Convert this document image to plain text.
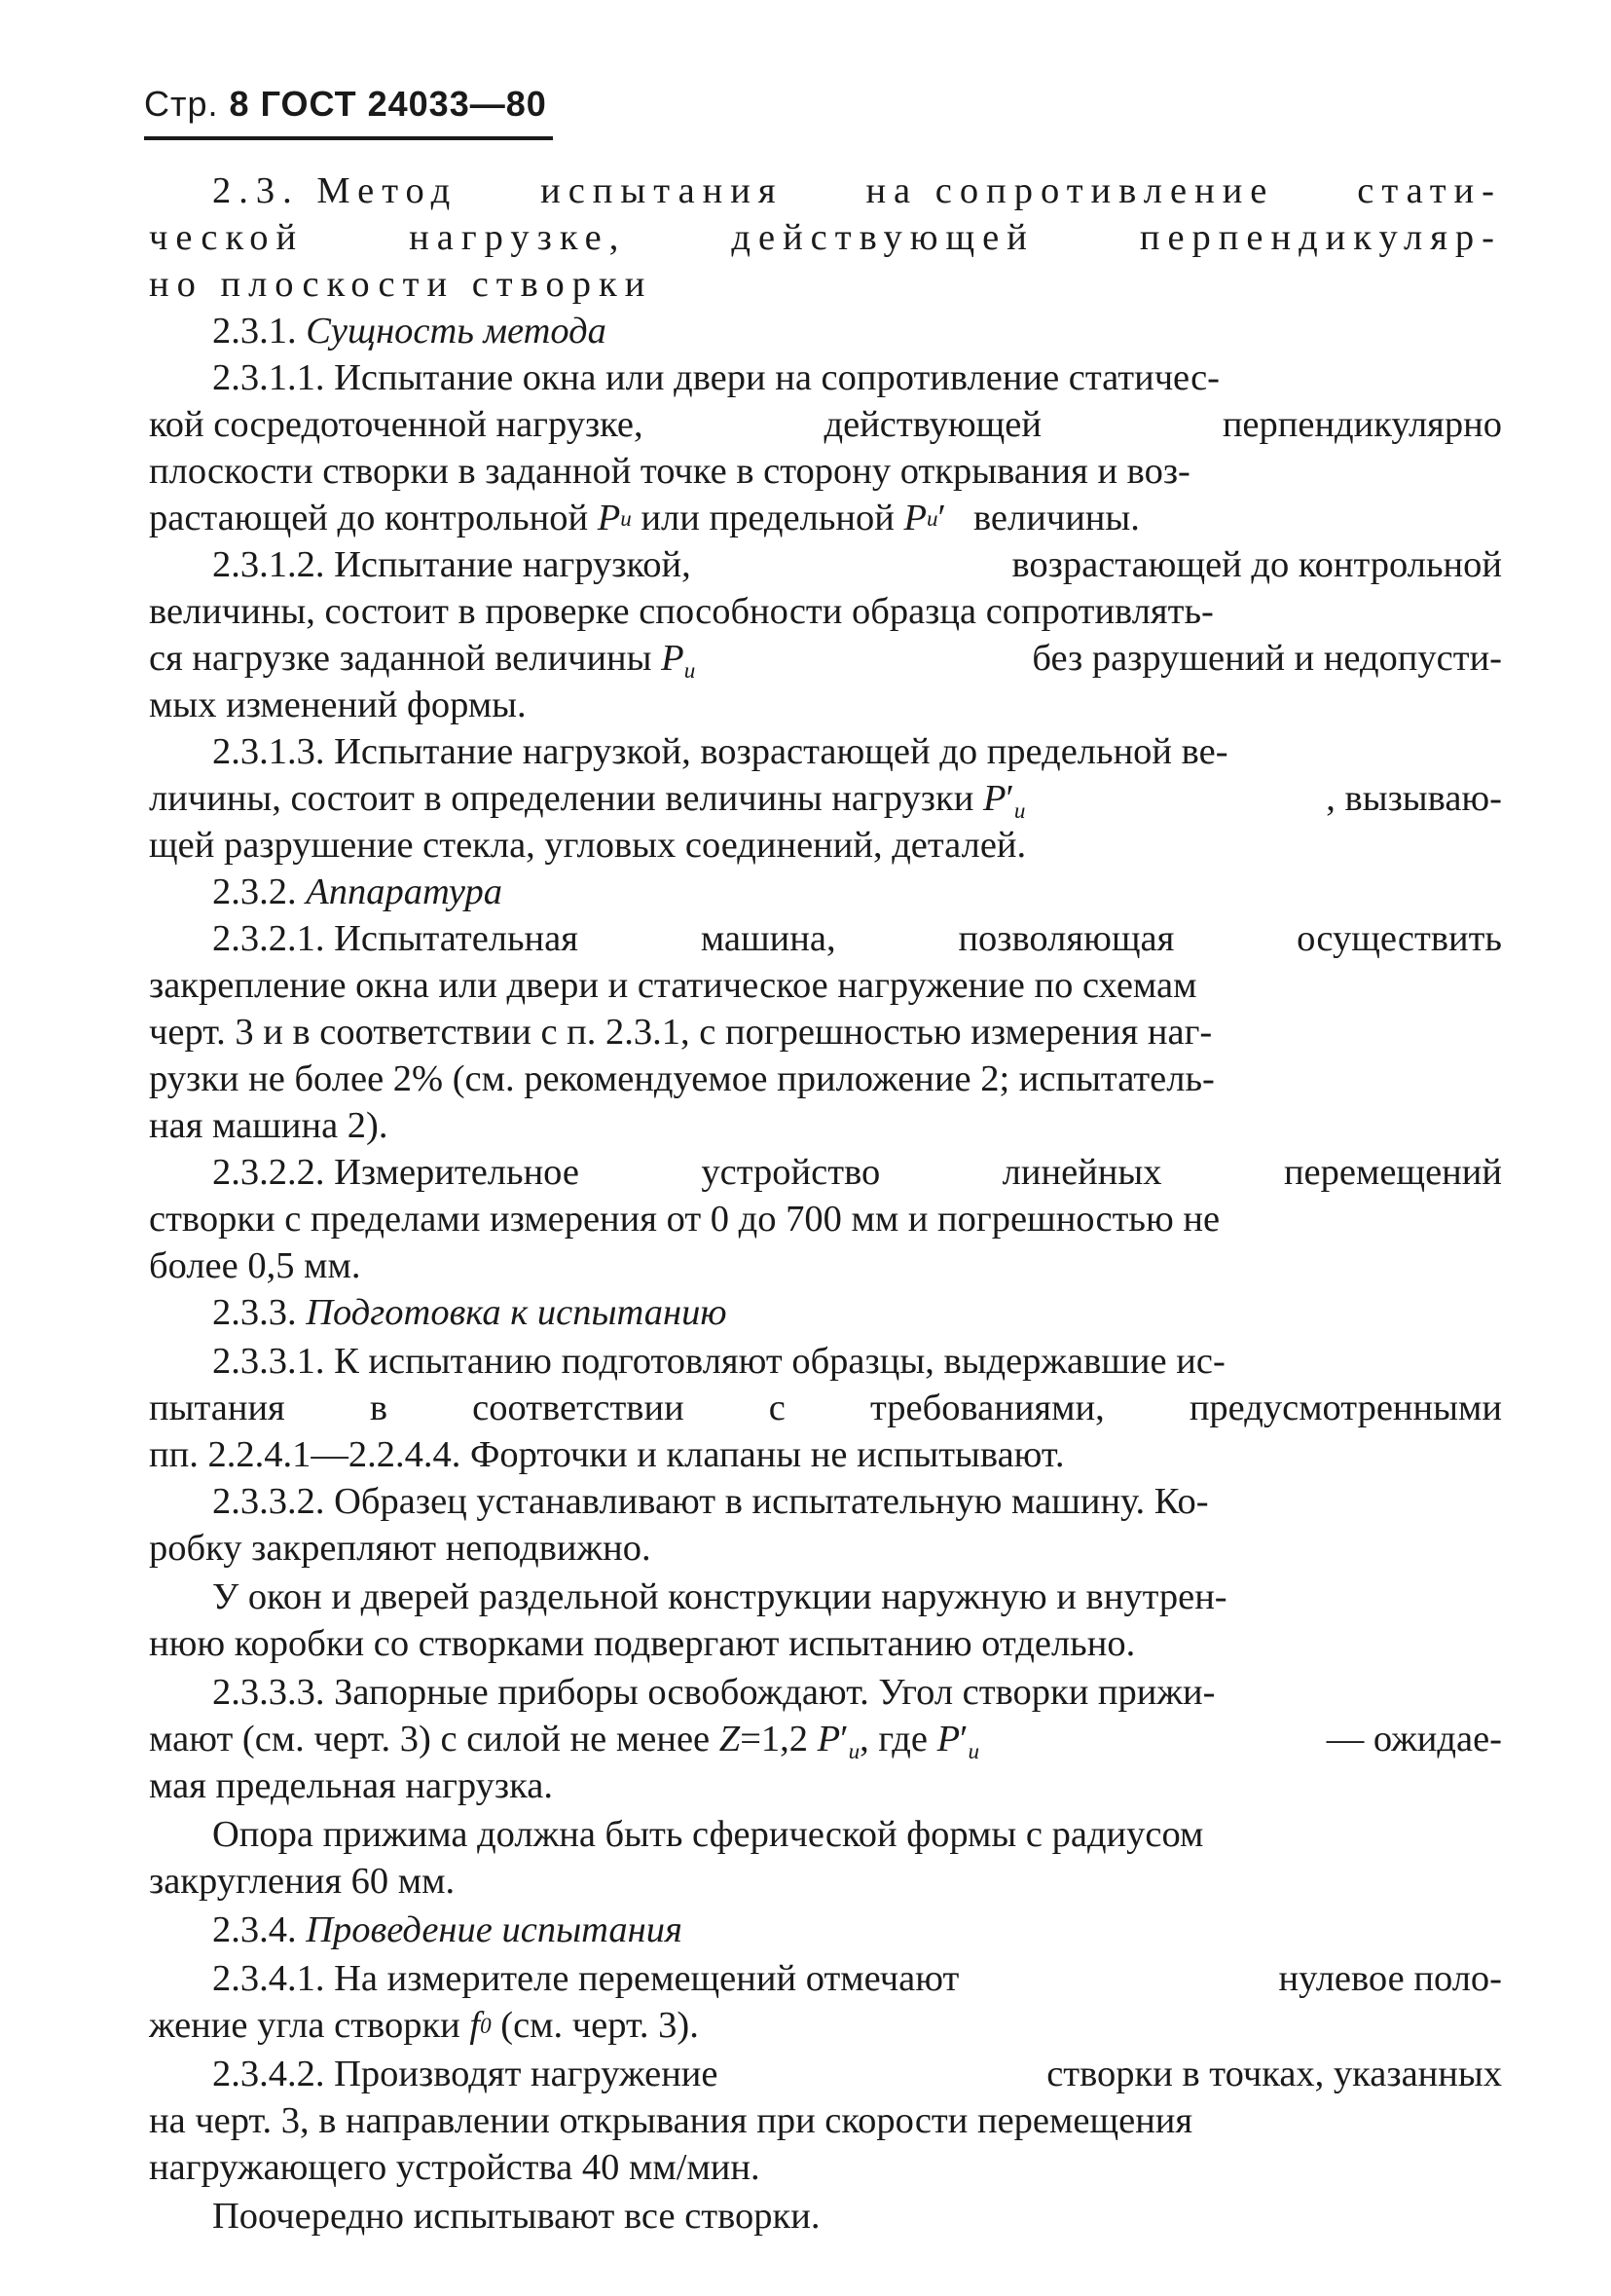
Стр. 8 ГОСТ 24033—80
2.3. Метод испытания на сопротивление стати-
ческой	нагрузке,	действующей	перпендикуляр-
но плоскости створки
2.3.1.
Сущность метода
2.3.1.1. Испытание окна или двери на сопротивление статичес-
кой сосредоточенной нагрузке,	действующей	перпендикулярно
плоскости створки в заданной точке в сторону открывания и воз-
растающей до контрольной
P и
или предельной
P и ′ величины.
2.3.1.2. Испытание нагрузкой,	возрастающей до контрольной
величины, состоит в проверке способности образца сопротивлять-
ся нагрузке заданной величины $P_и$	без разрушений и недопусти-
мых изменений формы.
2.3.1.3. Испытание нагрузкой, возрастающей до предельной ве-
личины, состоит в определении величины нагрузки $P'_и$	, вызываю-
щей разрушение стекла, угловых соединений, деталей.
2.3.2.
Аппаратура
2.3.2.1. Испытательная	машина,	позволяющая	осуществить
закрепление окна или двери и статическое нагружение по схемам
черт. 3 и в соответствии с п. 2.3.1, с погрешностью измерения наг-
рузки не более 2% (см. рекомендуемое приложение 2; испытатель-
ная машина 2).
2.3.2.2. Измерительное	устройство	линейных	перемещений
створки с пределами измерения от 0 до 700 мм и погрешностью не
более 0,5 мм.
2.3.3.
Подготовка к испытанию
2.3.3.1. К испытанию подготовляют образцы, выдержавшие ис-
пытания в соответствии с требованиями, предусмотренными
пп. 2.2.4.1—2.2.4.4. Форточки и клапаны не испытывают.
2.3.3.2. Образец устанавливают в испытательную машину. Ко-
робку закрепляют неподвижно.
У окон и дверей раздельной конструкции наружную и внутрен-
нюю коробки со створками подвергают испытанию отдельно.
2.3.3.3. Запорные приборы освобождают. Угол створки прижи-
мают (см. черт. 3) с силой не менее Z=1,2 $P'_и$, где $P'_и$	— ожидае-
мая предельная нагрузка.
Опора прижима должна быть сферической формы с радиусом
закругления 60 мм.
2.3.4.
Проведение испытания
2.3.4.1. На измерителе перемещений отмечают	нулевое поло-
жение угла створки
f 0
(см. черт. 3).
2.3.4.2. Производят нагружение	створки в точках, указанных
на черт. 3, в направлении открывания при скорости перемещения
нагружающего устройства 40 мм/мин.
Поочередно испытывают все створки.
